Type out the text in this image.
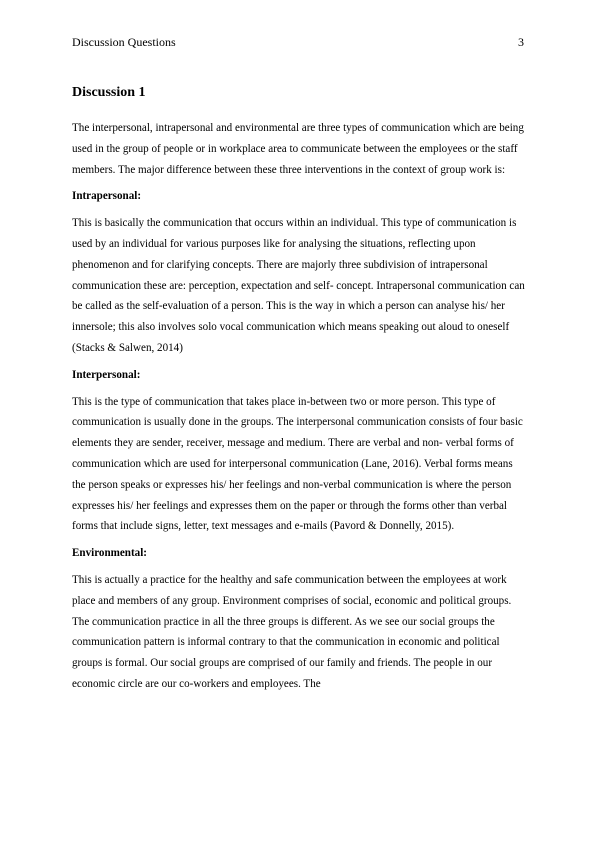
Discussion Questions	3
Discussion 1

The interpersonal, intrapersonal and environmental are three types of communication which are being used in the group of people or in workplace area to communicate between the employees or the staff members. The major difference between these three interventions in the context of group work is:

Intrapersonal:

This is basically the communication that occurs within an individual. This type of communication is used by an individual for various purposes like for analysing the situations, reflecting upon phenomenon and for clarifying concepts. There are majorly three subdivision of intrapersonal communication these are: perception, expectation and self- concept. Intrapersonal communication can be called as the self-evaluation of a person. This is the way in which a person can analyse his/ her innersole; this also involves solo vocal communication which means speaking out aloud to oneself (Stacks & Salwen, 2014)

Interpersonal:

This is the type of communication that takes place in-between two or more person. This type of communication is usually done in the groups. The interpersonal communication consists of four basic elements they are sender, receiver, message and medium. There are verbal and non- verbal forms of communication which are used for interpersonal communication (Lane, 2016). Verbal forms means the person speaks or expresses his/ her feelings and non-verbal communication is where the person expresses his/ her feelings and expresses them on the paper or through the forms other than verbal forms that include signs, letter, text messages and e-mails (Pavord & Donnelly, 2015).

Environmental:

This is actually a practice for the healthy and safe communication between the employees at work place and members of any group. Environment comprises of social, economic and political groups. The communication practice in all the three groups is different. As we see our social groups the communication pattern is informal contrary to that the communication in economic and political groups is formal. Our social groups are comprised of our family and friends. The people in our economic circle are our co-workers and employees. The
